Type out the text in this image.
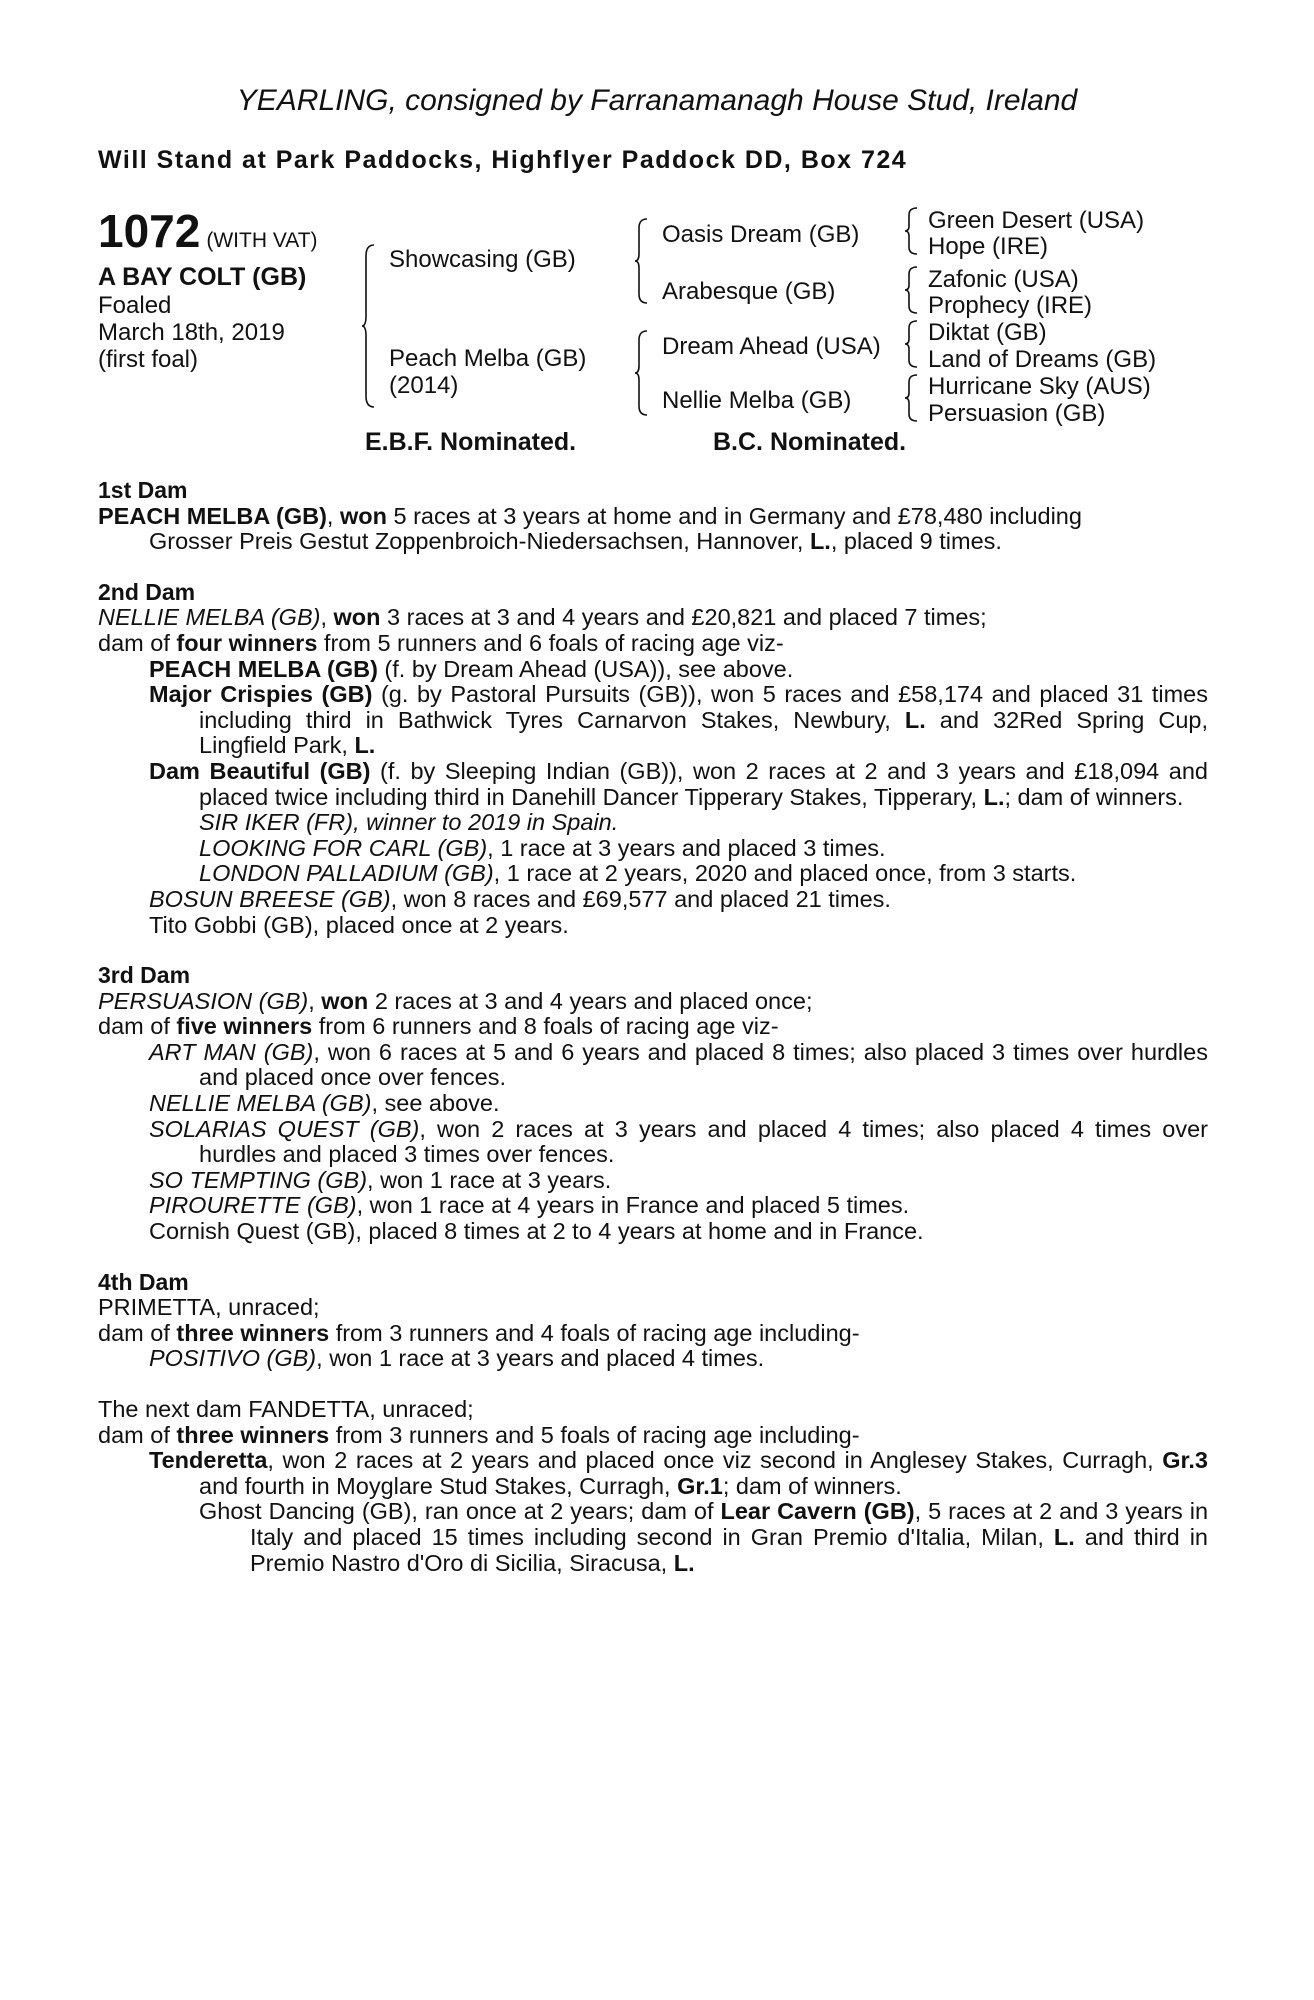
YEARLING, consigned by Farranamanagh House Stud, Ireland
Will Stand at Park Paddocks, Highflyer Paddock DD, Box 724
1072 (WITH VAT)
A BAY COLT (GB)
Foaled
March 18th, 2019
(first foal)
Showcasing (GB)
Peach Melba (GB)
(2014)
Oasis Dream (GB)
Arabesque (GB)
Dream Ahead (USA)
Nellie Melba (GB)
Green Desert (USA)
Hope (IRE)
Zafonic (USA)
Prophecy (IRE)
Diktat (GB)
Land of Dreams (GB)
Hurricane Sky (AUS)
Persuasion (GB)
E.B.F. Nominated.	B.C. Nominated.

1st Dam

PEACH MELBA (GB), won 5 races at 3 years at home and in Germany and £78,480 including

Grosser Preis Gestut Zoppenbroich-Niedersachsen, Hannover, L., placed 9 times.

2nd Dam

NELLIE MELBA (GB), won 3 races at 3 and 4 years and £20,821 and placed 7 times;

dam of four winners from 5 runners and 6 foals of racing age viz-

PEACH MELBA (GB) (f. by Dream Ahead (USA)), see above.

Major Crispies (GB) (g. by Pastoral Pursuits (GB)), won 5 races and £58,174 and placed 31 times including third in Bathwick Tyres Carnarvon Stakes, Newbury, L. and 32Red Spring Cup, Lingfield Park, L.

Dam Beautiful (GB) (f. by Sleeping Indian (GB)), won 2 races at 2 and 3 years and £18,094 and placed twice including third in Danehill Dancer Tipperary Stakes, Tipperary, L.; dam of winners.

SIR IKER (FR), winner to 2019 in Spain.

LOOKING FOR CARL (GB), 1 race at 3 years and placed 3 times.

LONDON PALLADIUM (GB), 1 race at 2 years, 2020 and placed once, from 3 starts.

BOSUN BREESE (GB), won 8 races and £69,577 and placed 21 times.

Tito Gobbi (GB), placed once at 2 years.

3rd Dam

PERSUASION (GB), won 2 races at 3 and 4 years and placed once;

dam of five winners from 6 runners and 8 foals of racing age viz-

ART MAN (GB), won 6 races at 5 and 6 years and placed 8 times; also placed 3 times over hurdles and placed once over fences.

NELLIE MELBA (GB), see above.

SOLARIAS QUEST (GB), won 2 races at 3 years and placed 4 times; also placed 4 times over hurdles and placed 3 times over fences.

SO TEMPTING (GB), won 1 race at 3 years.

PIROURETTE (GB), won 1 race at 4 years in France and placed 5 times.

Cornish Quest (GB), placed 8 times at 2 to 4 years at home and in France.

4th Dam

PRIMETTA, unraced;

dam of three winners from 3 runners and 4 foals of racing age including-

POSITIVO (GB), won 1 race at 3 years and placed 4 times.

The next dam FANDETTA, unraced;

dam of three winners from 3 runners and 5 foals of racing age including-

Tenderetta, won 2 races at 2 years and placed once viz second in Anglesey Stakes, Curragh, Gr.3 and fourth in Moyglare Stud Stakes, Curragh, Gr.1; dam of winners.

Ghost Dancing (GB), ran once at 2 years; dam of Lear Cavern (GB), 5 races at 2 and 3 years in Italy and placed 15 times including second in Gran Premio d'Italia, Milan, L. and third in Premio Nastro d'Oro di Sicilia, Siracusa, L.
